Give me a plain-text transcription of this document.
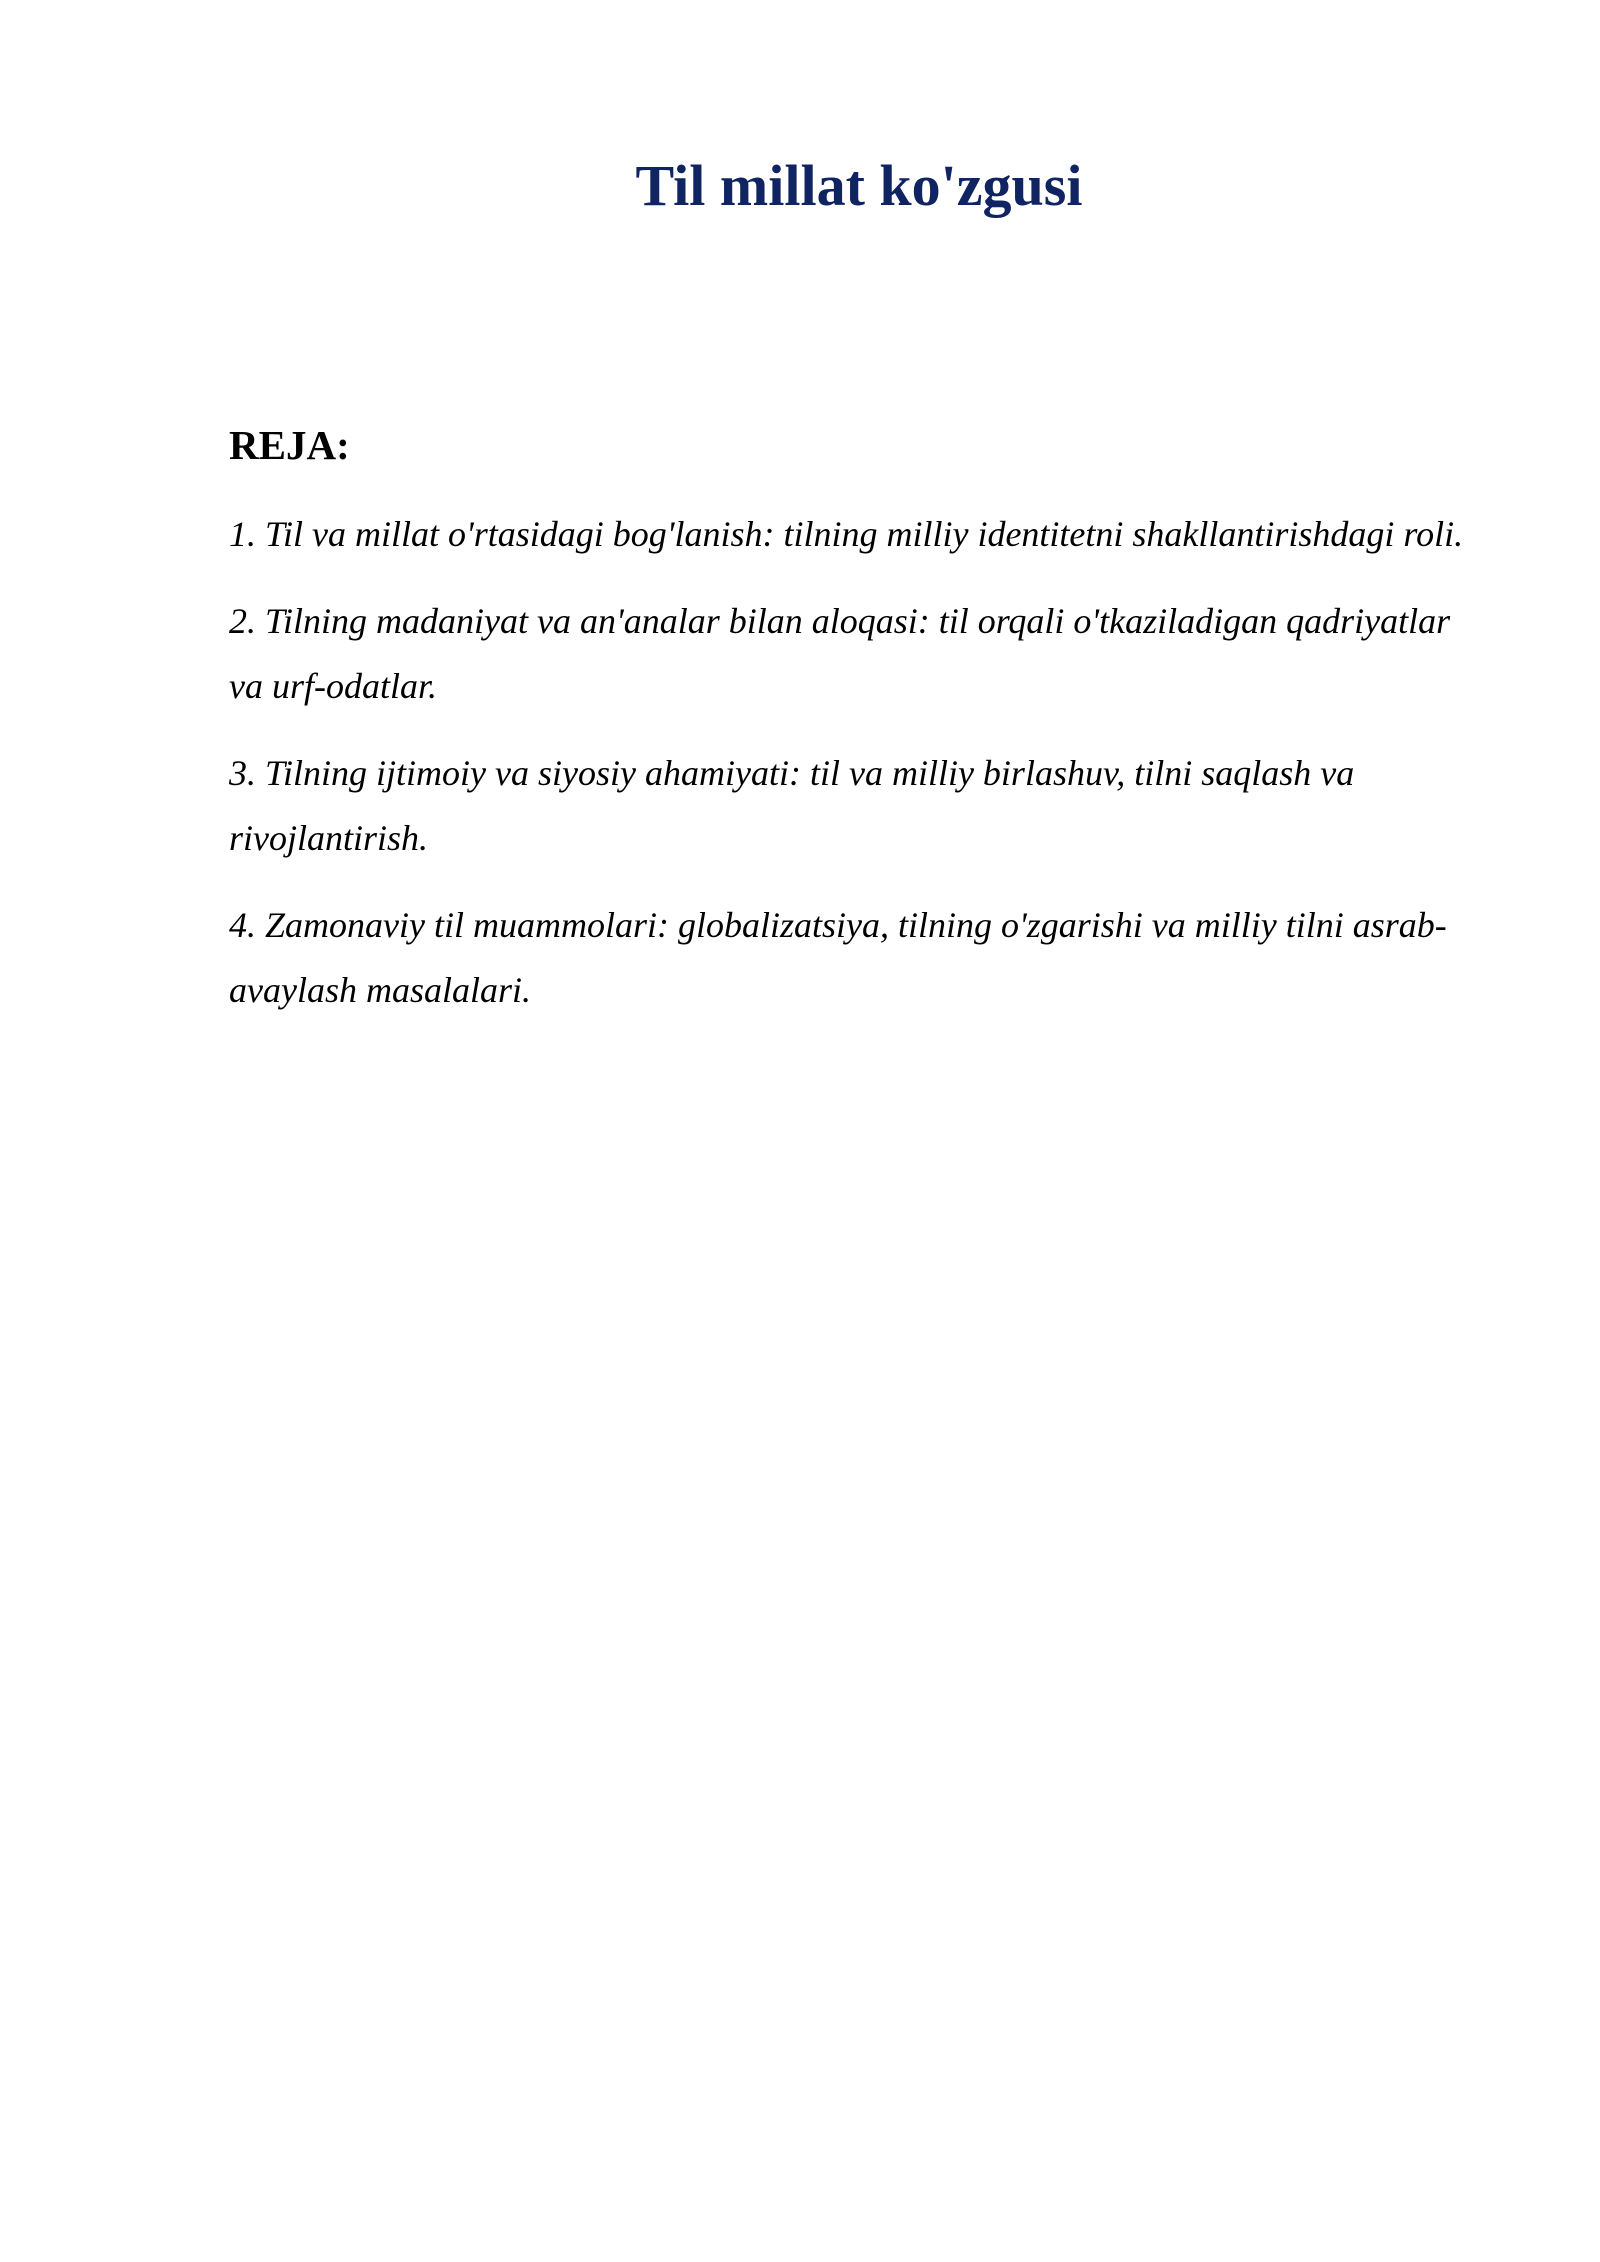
Til millat ko'zgusi
REJA:
1. Til va millat o'rtasidagi bog'lanish: tilning milliy identitetni shakllantirishdagi roli.
2. Tilning madaniyat va an'analar bilan aloqasi: til orqali o'tkaziladigan qadriyatlar va urf-odatlar.
3. Tilning ijtimoiy va siyosiy ahamiyati: til va milliy birlashuv, tilni saqlash va rivojlantirish.
4. Zamonaviy til muammolari: globalizatsiya, tilning o'zgarishi va milliy tilni asrab-avaylash masalalari.
